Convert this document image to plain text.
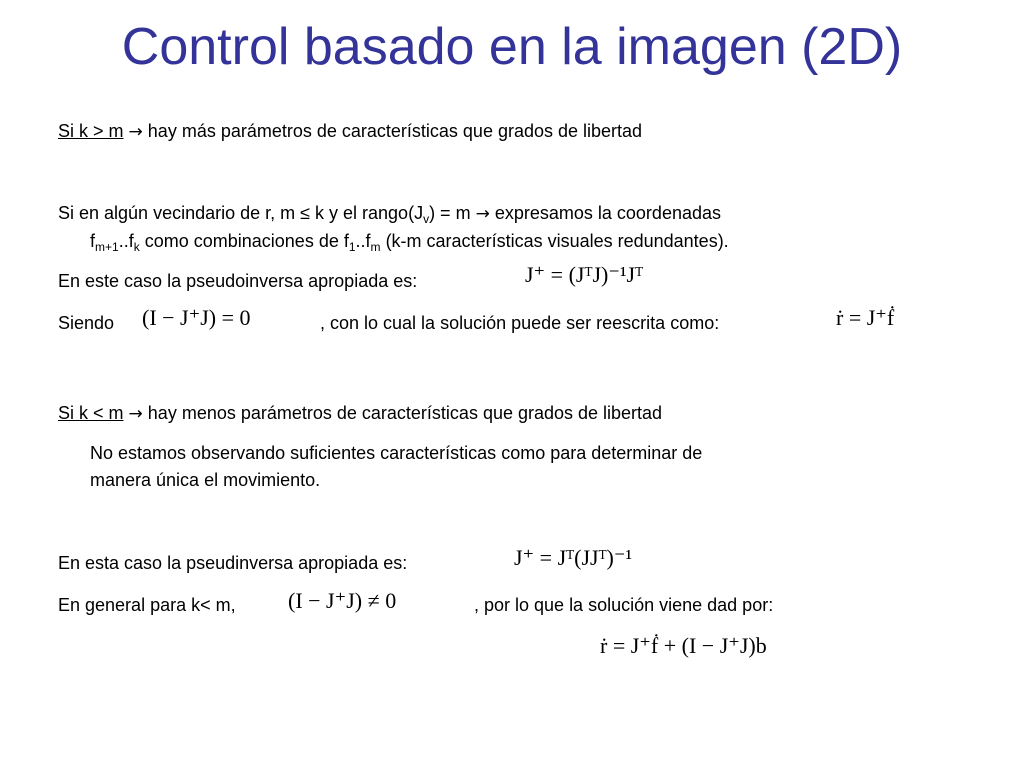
Control basado en la imagen (2D)
Si k > m → hay más parámetros de características que grados de libertad
Si en algún vecindario de r, m ≤ k y el $rango(J_v) = m$ → expresamos la coordenadas
$f_{m+1}..f_k$ como combinaciones de $f_1..f_m$ (k-m características visuales redundantes).
En este caso la pseudoinversa apropiada es:	J⁺ = (JᵀJ)⁻¹Jᵀ
Siendo (I − J⁺J) = 0	, con lo cual la solución puede ser reescrita como:	ṙ = J⁺ḟ
Si k < m → hay menos parámetros de características que grados de libertad
No estamos observando suficientes características como para determinar de
manera única el movimiento.
En esta caso la pseudinversa apropiada es:	J⁺ = Jᵀ(JJᵀ)⁻¹
En general para k< m, (I − J⁺J) ≠ 0	, por lo que la solución viene dad por:
ṙ = J⁺ḟ + (I − J⁺J)b
